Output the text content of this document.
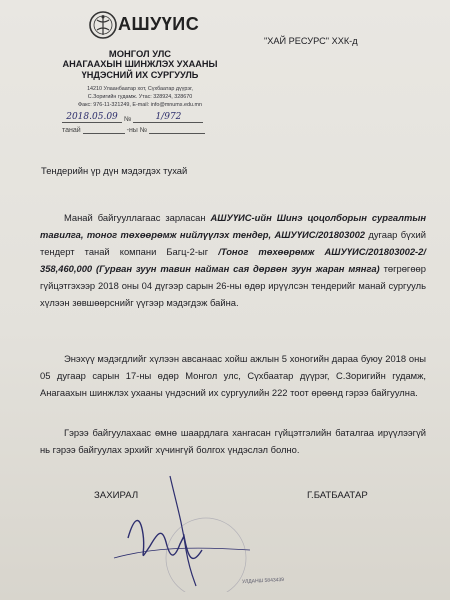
АШУҮИС
МОНГОЛ УЛС
АНАГААХЫН ШИНЖЛЭХ УХААНЫ
ҮНДЭСНИЙ ИХ СУРГУУЛЬ
14210 Улаанбаатар хот, Сүхбаатар дүүрэг,
С.Зоригийн гудамж. Утас: 328924, 328670
Факс: 976-11-321249, E-mail: info@mnums.edu.mn
2018.05.09 №	1/972
танай	-ны №
"ХАЙ РЕСУРС" ХХК-д
Тендерийн үр дүн мэдэгдэх тухай
Манай байгууллагаас зарласан АШУҮИС-ийн Шинэ цоцолборын сургалтын тавилга, тоног төхөөрөмж нийлүүлэх тендер, АШУҮИС/201803002 дугаар бүхий тендерт танай компани Багц-2-ыг /Тоног төхөөрөмж АШУҮИС/201803002-2/ 358,460,000 (Гурван зуун тавин найман сая дөрвөн зуун жаран мянга) төгрөгөөр гүйцэтгэхээр 2018 оны 04 дүгээр сарын 26-ны өдөр ирүүлсэн тендерийг манай сургууль хүлээн зөвшөөрснийг үүгээр мэдэгдэж байна.
Энэхүү мэдэгдлийг хүлээн авсанаас хойш ажлын 5 хоногийн дараа буюу 2018 оны 05 дугаар сарын 17-ны өдөр Монгол улс, Сүхбаатар дүүрэг, С.Зоригийн гудамж, Анагаахын шинжлэх ухааны үндэсний их сургуулийн 222 тоот өрөөнд гэрээ байгуулна.
Гэрээ байгуулахаас өмнө шаардлага хангасан гүйцэтгэлийн баталгаа ирүүлээгүй нь гэрээ байгуулах эрхийг хүчингүй болгох үндэслэл болно.
ЗАХИРАЛ	Г.БАТБААТАР
УЛДАНШ 5843439
